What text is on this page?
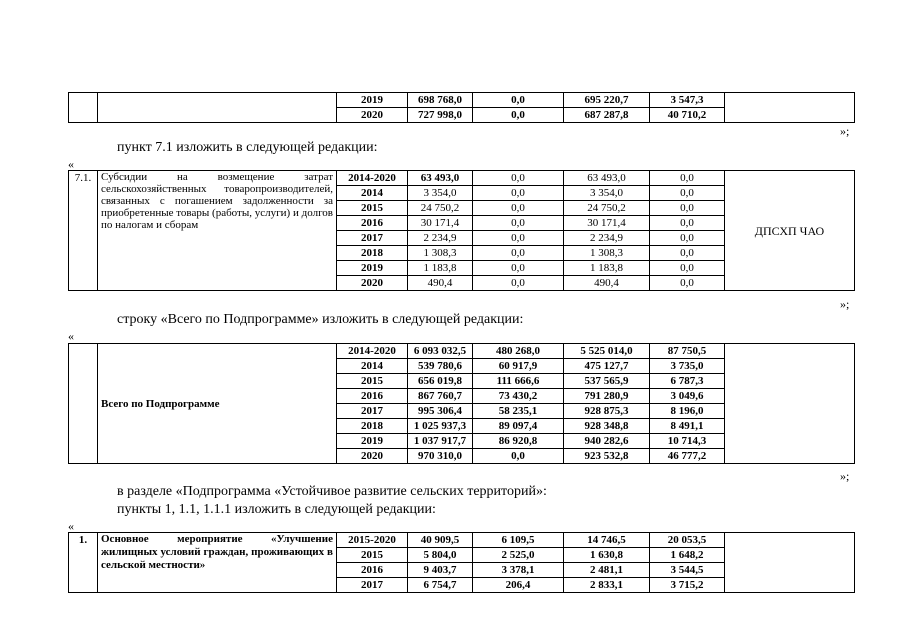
		2019	698 768,0	0,0	695 220,7	3 547,3	
		2020	727 998,0	0,0	687 287,8	40 710,2	
»;
пункт 7.1 изложить в следующей редакции:
«
7.1.	Субсидии на возмещение затрат сельскохозяйственных товаропроизводителей, связанных с погашением задолженности за приобретенные товары (работы, услуги) и долгов по налогам и сборам	2014-2020	63 493,0	0,0	63 493,0	0,0	ДПСХП ЧАО
		2014	3 354,0	0,0	3 354,0	0,0	
		2015	24 750,2	0,0	24 750,2	0,0	
		2016	30 171,4	0,0	30 171,4	0,0	
		2017	2 234,9	0,0	2 234,9	0,0	
		2018	1 308,3	0,0	1 308,3	0,0	
		2019	1 183,8	0,0	1 183,8	0,0	
		2020	490,4	0,0	490,4	0,0	
»;
строку «Всего по Подпрограмме» изложить в следующей редакции:
«
	Всего по Подпрограмме	2014-2020	6 093 032,5	480 268,0	5 525 014,0	87 750,5	
		2014	539 780,6	60 917,9	475 127,7	3 735,0	
		2015	656 019,8	111 666,6	537 565,9	6 787,3	
		2016	867 760,7	73 430,2	791 280,9	3 049,6	
		2017	995 306,4	58 235,1	928 875,3	8 196,0	
		2018	1 025 937,3	89 097,4	928 348,8	8 491,1	
		2019	1 037 917,7	86 920,8	940 282,6	10 714,3	
		2020	970 310,0	0,0	923 532,8	46 777,2	
»;
в разделе «Подпрограмма «Устойчивое развитие сельских территорий»:
пункты 1, 1.1, 1.1.1 изложить в следующей редакции:
«
1.	Основное мероприятие «Улучшение жилищных условий граждан, проживающих в сельской местности»	2015-2020	40 909,5	6 109,5	14 746,5	20 053,5	
		2015	5 804,0	2 525,0	1 630,8	1 648,2	
		2016	9 403,7	3 378,1	2 481,1	3 544,5	
		2017	6 754,7	206,4	2 833,1	3 715,2	
